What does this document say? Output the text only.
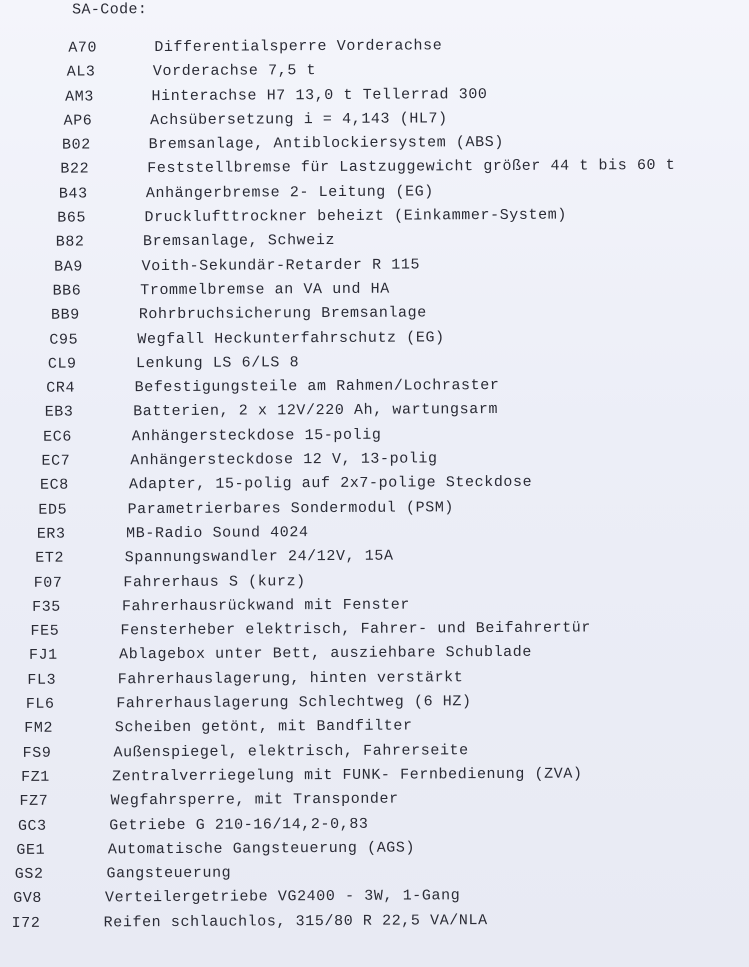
SA-Code:
A70	Differentialsperre Vorderachse
AL3	Vorderachse 7,5 t
AM3	Hinterachse H7 13,0 t Tellerrad 300
AP6	Achsübersetzung i = 4,143 (HL7)
B02	Bremsanlage, Antiblockiersystem (ABS)
B22	Feststellbremse für Lastzuggewicht größer 44 t bis 60 t
B43	Anhängerbremse 2- Leitung (EG)
B65	Drucklufttrockner beheizt (Einkammer-System)
B82	Bremsanlage, Schweiz
BA9	Voith-Sekundär-Retarder R 115
BB6	Trommelbremse an VA und HA
BB9	Rohrbruchsicherung Bremsanlage
C95	Wegfall Heckunterfahrschutz (EG)
CL9	Lenkung LS 6/LS 8
CR4	Befestigungsteile am Rahmen/Lochraster
EB3	Batterien, 2 x 12V/220 Ah, wartungsarm
EC6	Anhängersteckdose 15-polig
EC7	Anhängersteckdose 12 V, 13-polig
EC8	Adapter, 15-polig auf 2x7-polige Steckdose
ED5	Parametrierbares Sondermodul (PSM)
ER3	MB-Radio Sound 4024
ET2	Spannungswandler 24/12V, 15A
F07	Fahrerhaus S (kurz)
F35	Fahrerhausrückwand mit Fenster
FE5	Fensterheber elektrisch, Fahrer- und Beifahrertür
FJ1	Ablagebox unter Bett, ausziehbare Schublade
FL3	Fahrerhauslagerung, hinten verstärkt
FL6	Fahrerhauslagerung Schlechtweg (6 HZ)
FM2	Scheiben getönt, mit Bandfilter
FS9	Außenspiegel, elektrisch, Fahrerseite
FZ1	Zentralverriegelung mit FUNK- Fernbedienung (ZVA)
FZ7	Wegfahrsperre, mit Transponder
GC3	Getriebe G 210-16/14,2-0,83
GE1	Automatische Gangsteuerung (AGS)
GS2	Gangsteuerung
GV8	Verteilergetriebe VG2400 - 3W, 1-Gang
I72	Reifen schlauchlos, 315/80 R 22,5 VA/NLA
